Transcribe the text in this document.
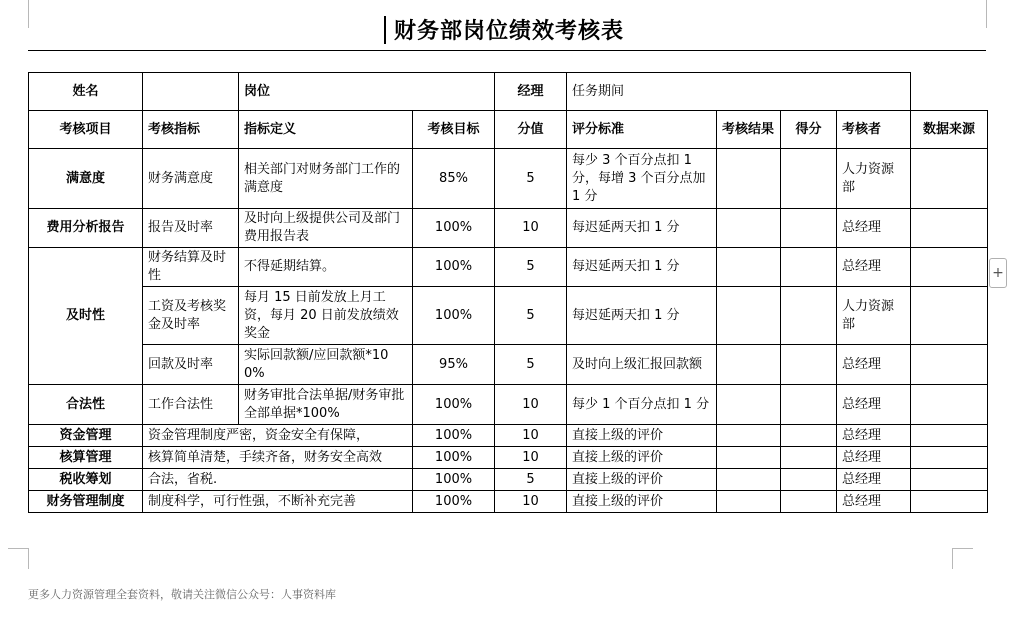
财务部岗位绩效考核表
姓名		岗位		经理	任务期间				
考核项目	考核指标	指标定义	考核目标	分值	评分标准	考核结果	得分	考核者	数据来源
满意度	财务满意度	相关部门对财务部门工作的满意度	85%	5	每少 3 个百分点扣 1 分，每增 3 个百分点加 1 分			人力资源部	
费用分析报告	报告及时率	及时向上级提供公司及部门费用报告表	100%	10	每迟延两天扣 1 分			总经理	
及时性	财务结算及时性	不得延期结算。	100%	5	每迟延两天扣 1 分			总经理	
	工资及考核奖金及时率	每月 15 日前发放上月工资，每月 20 日前发放绩效奖金	100%	5	每迟延两天扣 1 分			人力资源部	
	回款及时率	实际回款额/应回款额*100%	95%	5	及时向上级汇报回款额			总经理	
合法性	工作合法性	财务审批合法单据/财务审批全部单据*100%	100%	10	每少 1 个百分点扣 1 分			总经理	
资金管理	资金管理制度严密，资金安全有保障，		100%	10	直接上级的评价			总经理	
核算管理	核算简单清楚，手续齐备，财务安全高效		100%	10	直接上级的评价			总经理	
税收筹划	合法，省税.		100%	5	直接上级的评价			总经理	
财务管理制度	制度科学，可行性强，不断补充完善		100%	10	直接上级的评价			总经理	
+
更多人力资源管理全套资料，敬请关注微信公众号：人事资料库
